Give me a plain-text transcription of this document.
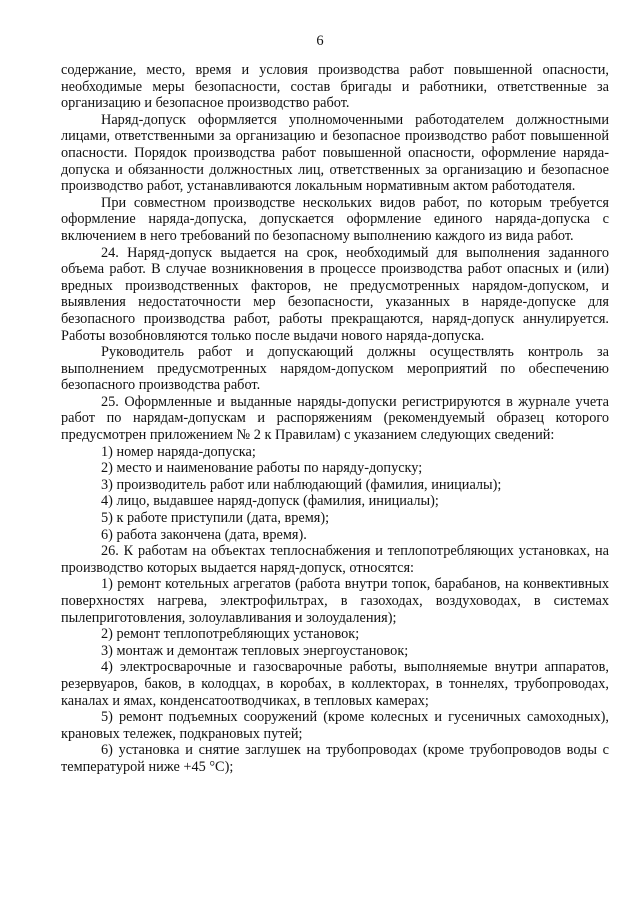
6

содержание, место, время и условия производства работ повышенной опасности, необходимые меры безопасности, состав бригады и работники, ответственные за организацию и безопасное производство работ.

Наряд-допуск оформляется уполномоченными работодателем должностными лицами, ответственными за организацию и безопасное производство работ повышенной опасности. Порядок производства работ повышенной опасности, оформление наряда-допуска и обязанности должностных лиц, ответственных за организацию и безопасное производство работ, устанавливаются локальным нормативным актом работодателя.

При совместном производстве нескольких видов работ, по которым требуется оформление наряда-допуска, допускается оформление единого наряда-допуска с включением в него требований по безопасному выполнению каждого из вида работ.

24. Наряд-допуск выдается на срок, необходимый для выполнения заданного объема работ. В случае возникновения в процессе производства работ опасных и (или) вредных производственных факторов, не предусмотренных нарядом-допуском, и выявления недостаточности мер безопасности, указанных в наряде-допуске для безопасного производства работ, работы прекращаются, наряд-допуск аннулируется. Работы возобновляются только после выдачи нового наряда-допуска.

Руководитель работ и допускающий должны осуществлять контроль за выполнением предусмотренных нарядом-допуском мероприятий по обеспечению безопасного производства работ.

25. Оформленные и выданные наряды-допуски регистрируются в журнале учета работ по нарядам-допускам и распоряжениям (рекомендуемый образец которого предусмотрен приложением № 2 к Правилам) с указанием следующих сведений:

1) номер наряда-допуска;

2) место и наименование работы по наряду-допуску;

3) производитель работ или наблюдающий (фамилия, инициалы);

4) лицо, выдавшее наряд-допуск (фамилия, инициалы);

5) к работе приступили (дата, время);

6) работа закончена (дата, время).

26. К работам на объектах теплоснабжения и теплопотребляющих установках, на производство которых выдается наряд-допуск, относятся:

1) ремонт котельных агрегатов (работа внутри топок, барабанов, на конвективных поверхностях нагрева, электрофильтрах, в газоходах, воздуховодах, в системах пылеприготовления, золоулавливания и золоудаления);

2) ремонт теплопотребляющих установок;

3) монтаж и демонтаж тепловых энергоустановок;

4) электросварочные и газосварочные работы, выполняемые внутри аппаратов, резервуаров, баков, в колодцах, в коробах, в коллекторах, в тоннелях, трубопроводах, каналах и ямах, конденсатоотводчиках, в тепловых камерах;

5) ремонт подъемных сооружений (кроме колесных и гусеничных самоходных), крановых тележек, подкрановых путей;

6) установка и снятие заглушек на трубопроводах (кроме трубопроводов воды с температурой ниже +45 °C);
